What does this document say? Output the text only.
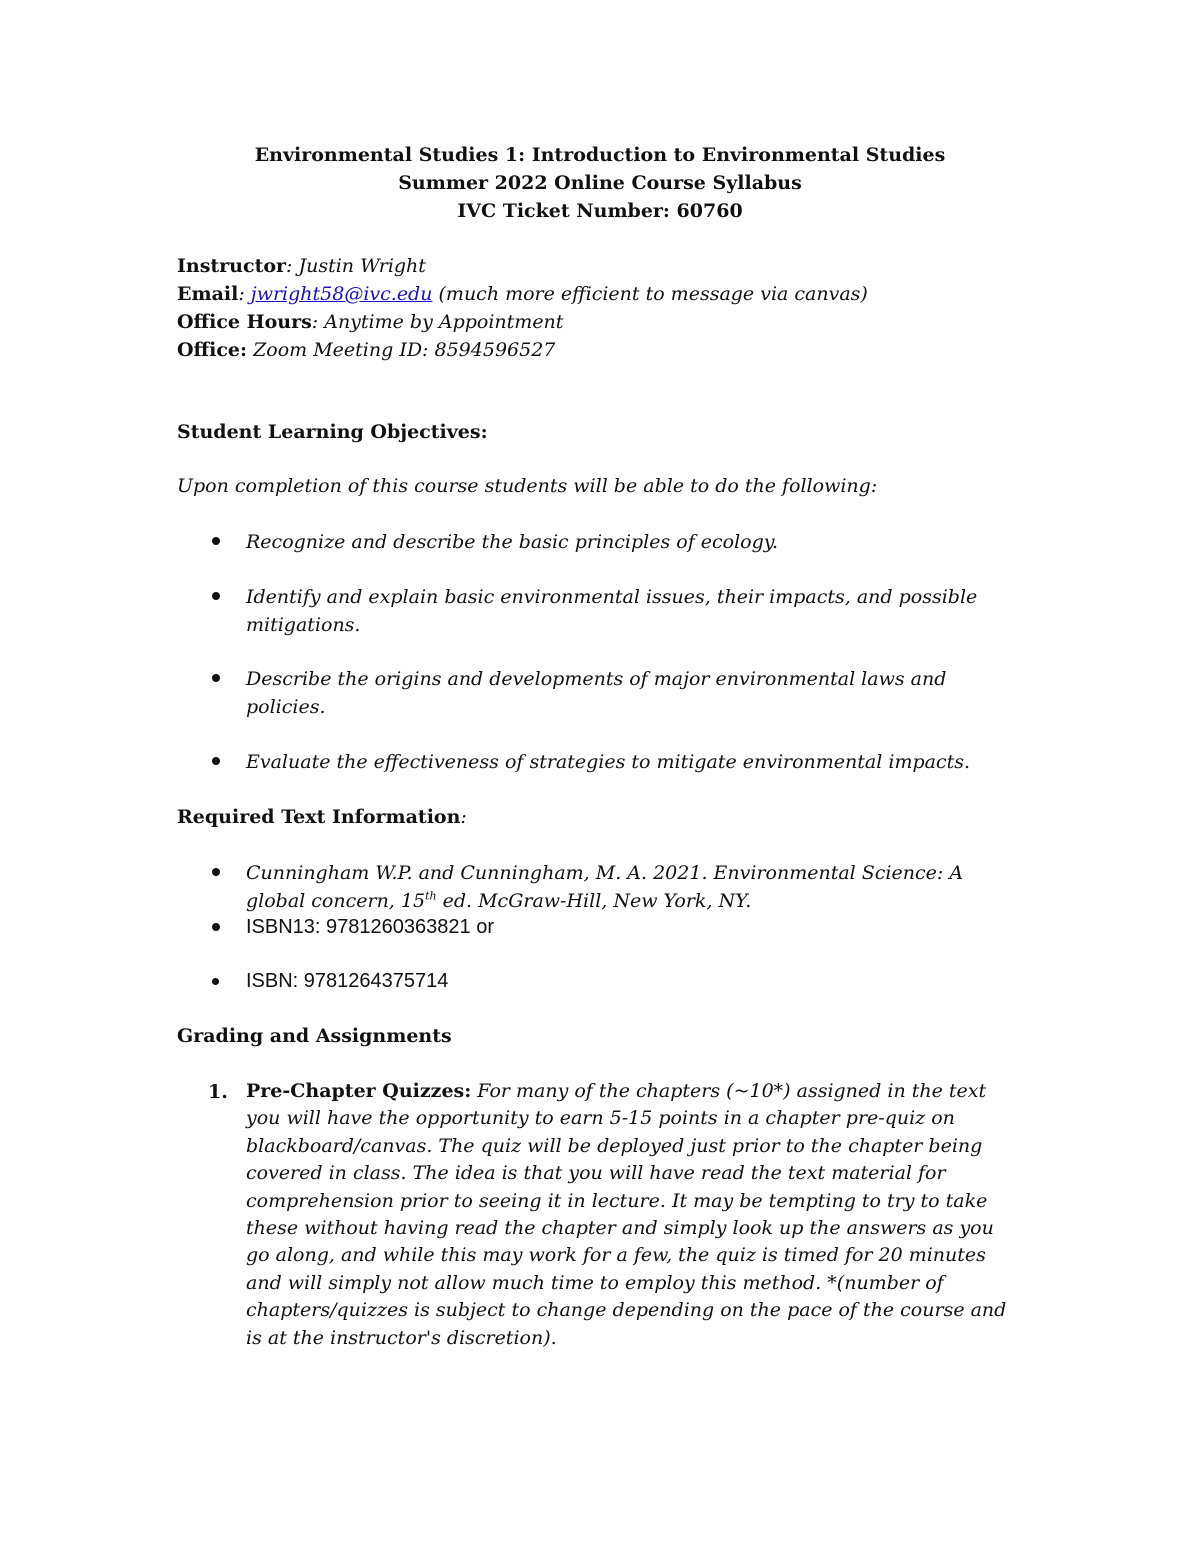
Environmental Studies 1: Introduction to Environmental Studies
Summer 2022 Online Course Syllabus
IVC Ticket Number: 60760
Instructor: Justin Wright
Email: jwright58@ivc.edu (much more efficient to message via canvas)
Office Hours: Anytime by Appointment
Office: Zoom Meeting ID: 8594596527
Student Learning Objectives:
Upon completion of this course students will be able to do the following:
Recognize and describe the basic principles of ecology.
Identify and explain basic environmental issues, their impacts, and possible mitigations.
Describe the origins and developments of major environmental laws and policies.
Evaluate the effectiveness of strategies to mitigate environmental impacts.
Required Text Information:
Cunningham W.P. and Cunningham, M. A. 2021. Environmental Science: A global concern, 15th ed. McGraw-Hill, New York, NY.
ISBN13: 9781260363821 or
ISBN: 9781264375714
Grading and Assignments
1. Pre-Chapter Quizzes: For many of the chapters (~10*) assigned in the text you will have the opportunity to earn 5-15 points in a chapter pre-quiz on blackboard/canvas. The quiz will be deployed just prior to the chapter being covered in class. The idea is that you will have read the text material for comprehension prior to seeing it in lecture. It may be tempting to try to take these without having read the chapter and simply look up the answers as you go along, and while this may work for a few, the quiz is timed for 20 minutes and will simply not allow much time to employ this method. *(number of chapters/quizzes is subject to change depending on the pace of the course and is at the instructor's discretion).
